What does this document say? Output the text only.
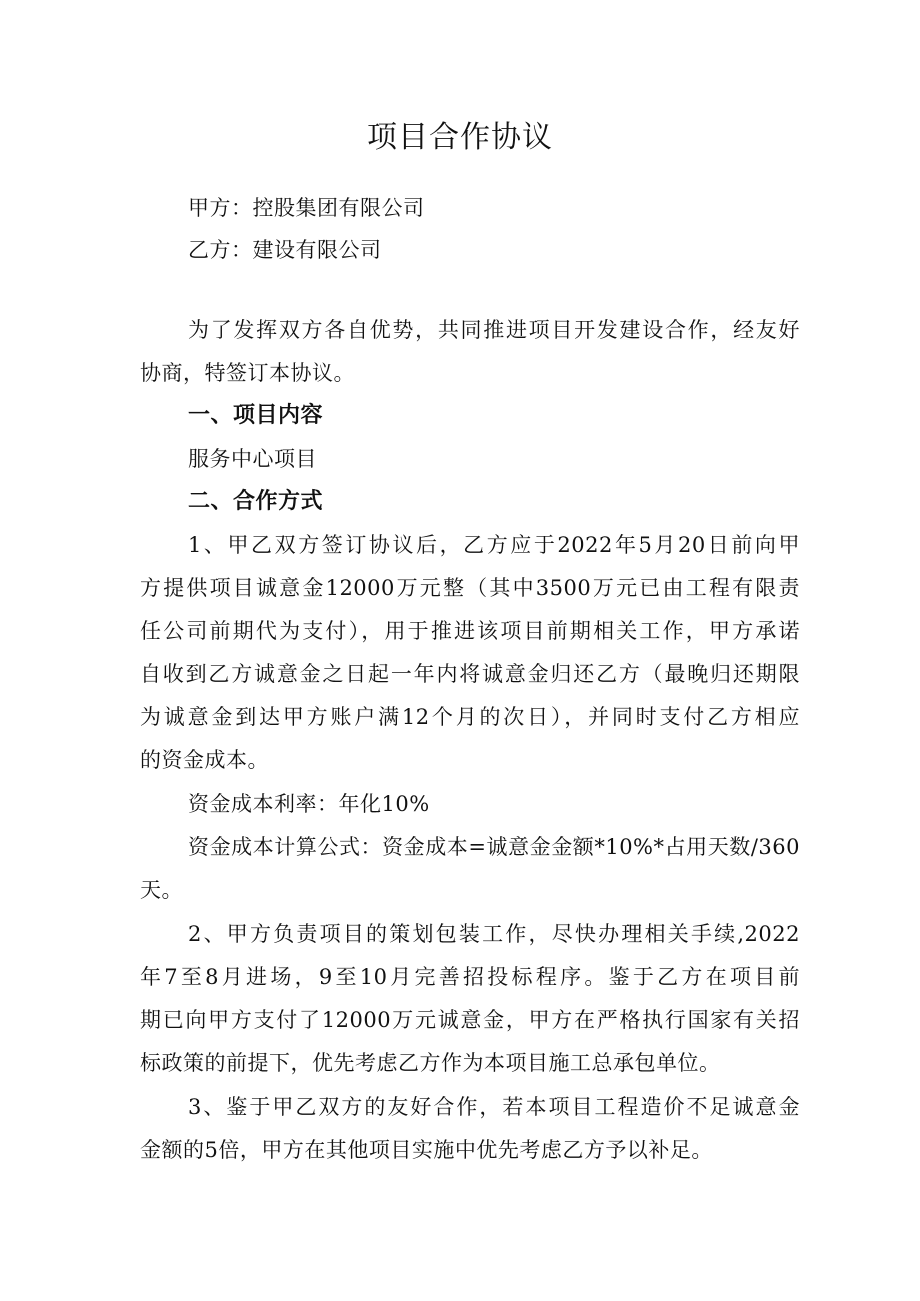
项目合作协议
甲方：控股集团有限公司
乙方：建设有限公司
为了发挥双方各自优势，共同推进项目开发建设合作，经友好
协商，特签订本协议。
一、项目内容
服务中心项目
二、合作方式
1、甲乙双方签订协议后，乙方应于2022年5月20日前向甲
方提供项目诚意金12000万元整（其中3500万元已由工程有限责
任公司前期代为支付），用于推进该项目前期相关工作，甲方承诺
自收到乙方诚意金之日起一年内将诚意金归还乙方（最晚归还期限
为诚意金到达甲方账户满12个月的次日），并同时支付乙方相应
的资金成本。
资金成本利率：年化10%
资金成本计算公式：资金成本=诚意金金额*10%*占用天数/360
天。
2、甲方负责项目的策划包装工作，尽快办理相关手续,2022
年7至8月进场，9至10月完善招投标程序。鉴于乙方在项目前
期已向甲方支付了12000万元诚意金，甲方在严格执行国家有关招
标政策的前提下，优先考虑乙方作为本项目施工总承包单位。
3、鉴于甲乙双方的友好合作，若本项目工程造价不足诚意金
金额的5倍，甲方在其他项目实施中优先考虑乙方予以补足。
